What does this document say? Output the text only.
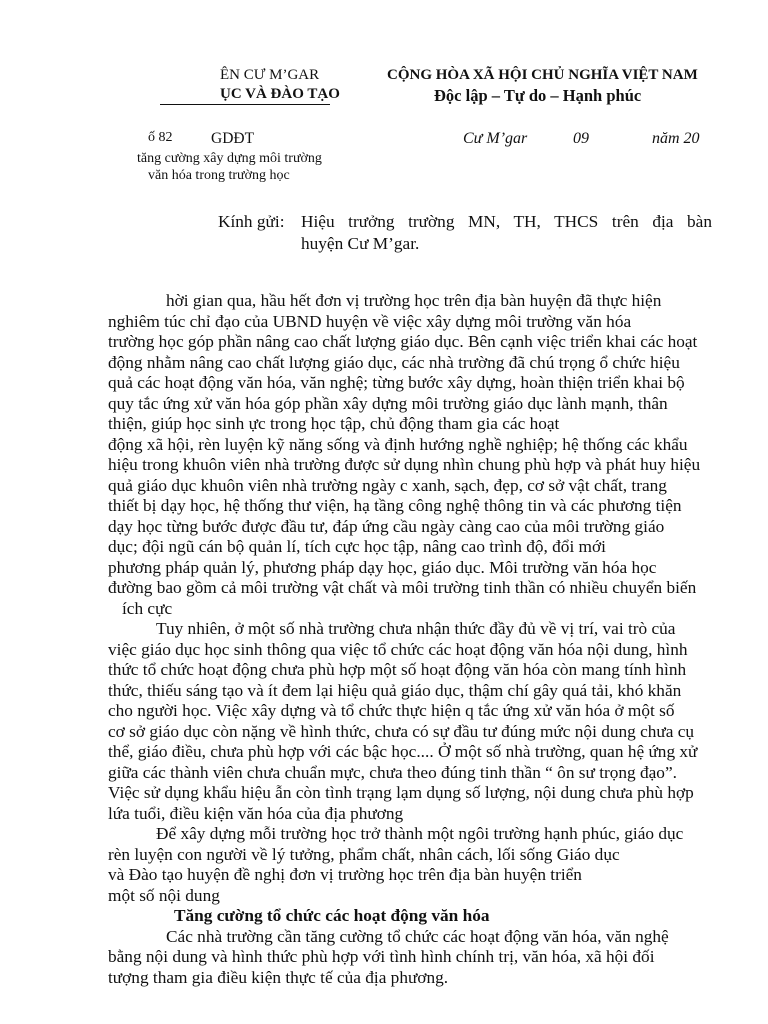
ÊN CƯ M’GAR
ỤC VÀ ĐÀO TẠO
CỘNG HÒA XÃ HỘI CHỦ NGHĨA VIỆT NAM
Độc lập – Tự do – Hạnh phúc
ố 82 GDĐT	Cư M’gar	09	năm 20
tăng cường xây dựng môi trường
văn hóa trong trường học
Kính gửi: Hiệu trưởng trường MN, TH, THCS trên địa bàn
huyện Cư M’gar.

hời gian qua, hầu hết đơn vị trường học trên địa bàn huyện đã thực hiện
nghiêm túc chỉ đạo của UBND huyện về việc xây dựng môi trường văn hóa
trường học góp phần nâng cao chất lượng giáo dục. Bên cạnh việc triển khai các hoạt
động nhằm nâng cao chất lượng giáo dục, các nhà trường đã chú trọng ổ chức hiệu
quả các hoạt động văn hóa, văn nghệ; từng bước xây dựng, hoàn thiện triển khai bộ
quy tắc ứng xử văn hóa góp phần xây dựng môi trường giáo dục lành mạnh, thân
thiện, giúp học sinh ực trong học tập, chủ động tham gia các hoạt
động xã hội, rèn luyện kỹ năng sống và định hướng nghề nghiệp; hệ thống các khẩu
hiệu trong khuôn viên nhà trường được sử dụng nhìn chung phù hợp và phát huy hiệu
quả giáo dục khuôn viên nhà trường ngày c xanh, sạch, đẹp, cơ sở vật chất, trang
thiết bị dạy học, hệ thống thư viện, hạ tầng công nghệ thông tin và các phương tiện
dạy học từng bước được đầu tư, đáp ứng cầu ngày càng cao của môi trường giáo
dục; đội ngũ cán bộ quản lí, tích cực học tập, nâng cao trình độ, đổi mới
phương pháp quản lý, phương pháp dạy học, giáo dục. Môi trường văn hóa học
đường bao gồm cả môi trường vật chất và môi trường tinh thần có nhiều chuyển biến
ích cực

Tuy nhiên, ở một số nhà trường chưa nhận thức đầy đủ về vị trí, vai trò của
việc giáo dục học sinh thông qua việc tổ chức các hoạt động văn hóa nội dung, hình
thức tổ chức hoạt động chưa phù hợp một số hoạt động văn hóa còn mang tính hình
thức, thiếu sáng tạo và ít đem lại hiệu quả giáo dục, thậm chí gây quá tải, khó khăn
cho người học. Việc xây dựng và tổ chức thực hiện q tắc ứng xử văn hóa ở một số
cơ sở giáo dục còn nặng về hình thức, chưa có sự đầu tư đúng mức nội dung chưa cụ
thể, giáo điều, chưa phù hợp với các bậc học.... Ở một số nhà trường, quan hệ ứng xử
giữa các thành viên chưa chuẩn mực, chưa theo đúng tinh thần “ ôn sư trọng đạo”.
Việc sử dụng khẩu hiệu ẫn còn tình trạng lạm dụng số lượng, nội dung chưa phù hợp
lứa tuổi, điều kiện văn hóa của địa phương

Để xây dựng mỗi trường học trở thành một ngôi trường hạnh phúc, giáo dục
rèn luyện con người về lý tưởng, phẩm chất, nhân cách, lối sống Giáo dục
và Đào tạo huyện đề nghị đơn vị trường học trên địa bàn huyện triển
một số nội dung

Tăng cường tổ chức các hoạt động văn hóa

Các nhà trường cần tăng cường tổ chức các hoạt động văn hóa, văn nghệ
bằng nội dung và hình thức phù hợp với tình hình chính trị, văn hóa, xã hội đối
tượng tham gia điều kiện thực tế của địa phương.
